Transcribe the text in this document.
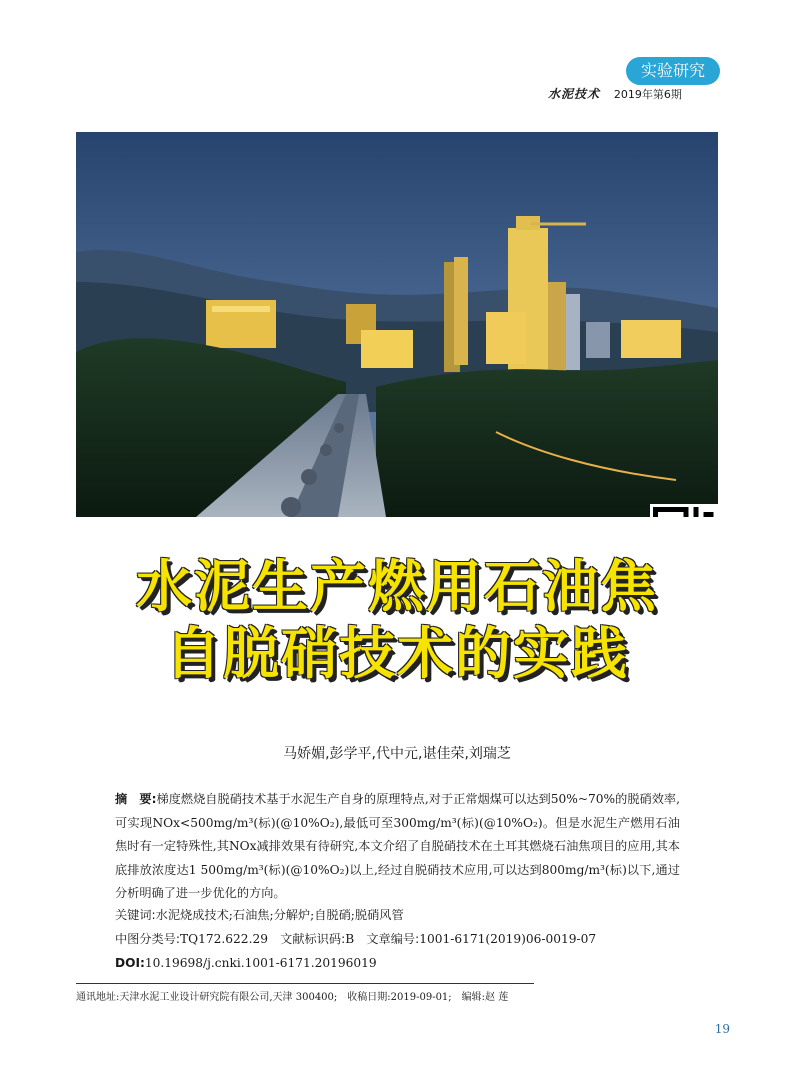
实验研究
水泥技术 2019年第6期
水泥生产燃用石油焦
自脱硝技术的实践
马娇媚,彭学平,代中元,谌佳荣,刘瑞芝
摘　要:梯度燃烧自脱硝技术基于水泥生产自身的原理特点,对于正常烟煤可以达到50%~70%的脱硝效率,可实现NOx<500mg/m³(标)(@10%O₂),最低可至300mg/m³(标)(@10%O₂)。但是水泥生产燃用石油焦时有一定特殊性,其NOx减排效果有待研究,本文介绍了自脱硝技术在土耳其燃烧石油焦项目的应用,其本底排放浓度达1 500mg/m³(标)(@10%O₂)以上,经过自脱硝技术应用,可以达到800mg/m³(标)以下,通过分析明确了进一步优化的方向。
关键词:水泥烧成技术;石油焦;分解炉;自脱硝;脱硝风管
中图分类号:TQ172.622.29  文献标识码:B  文章编号:1001-6171(2019)06-0019-07
DOI:10.19698/j.cnki.1001-6171.20196019
通讯地址:天津水泥工业设计研究院有限公司,天津 300400;　收稿日期:2019-09-01;　编辑:赵 莲
19
